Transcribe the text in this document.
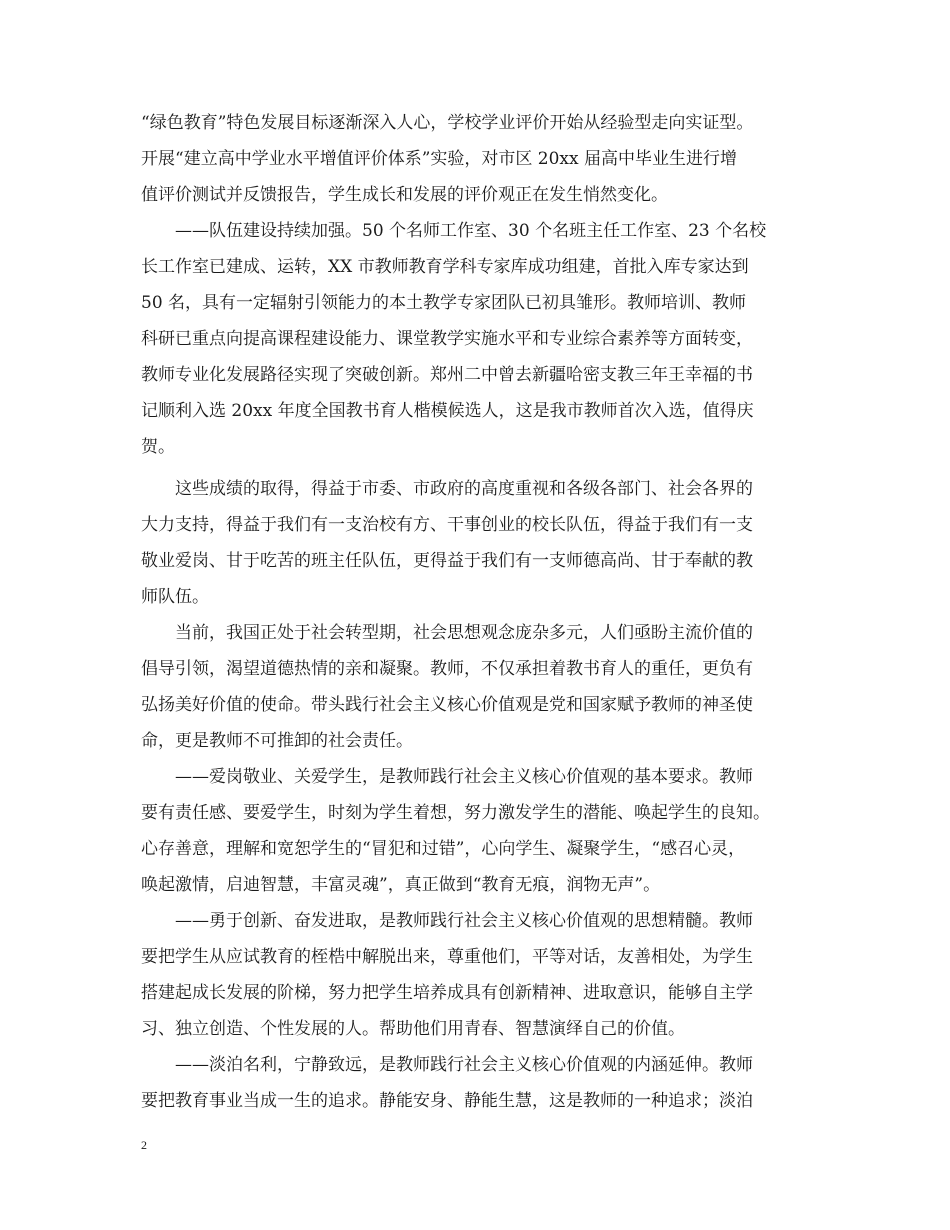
“绿色教育”特色发展目标逐渐深入人心，学校学业评价开始从经验型走向实证型。
开展“建立高中学业水平增值评价体系”实验，对市区 20xx 届高中毕业生进行增
值评价测试并反馈报告，学生成长和发展的评价观正在发生悄然变化。
——队伍建设持续加强。50 个名师工作室、30 个名班主任工作室、23 个名校
长工作室已建成、运转，XX 市教师教育学科专家库成功组建，首批入库专家达到
50 名，具有一定辐射引领能力的本土教学专家团队已初具雏形。教师培训、教师
科研已重点向提高课程建设能力、课堂教学实施水平和专业综合素养等方面转变，
教师专业化发展路径实现了突破创新。郑州二中曾去新疆哈密支教三年王幸福的书
记顺利入选 20xx 年度全国教书育人楷模候选人，这是我市教师首次入选，值得庆
贺。
这些成绩的取得，得益于市委、市政府的高度重视和各级各部门、社会各界的
大力支持，得益于我们有一支治校有方、干事创业的校长队伍，得益于我们有一支
敬业爱岗、甘于吃苦的班主任队伍，更得益于我们有一支师德高尚、甘于奉献的教
师队伍。
当前，我国正处于社会转型期，社会思想观念庞杂多元，人们亟盼主流价值的
倡导引领，渴望道德热情的亲和凝聚。教师，不仅承担着教书育人的重任，更负有
弘扬美好价值的使命。带头践行社会主义核心价值观是党和国家赋予教师的神圣使
命，更是教师不可推卸的社会责任。
——爱岗敬业、关爱学生，是教师践行社会主义核心价值观的基本要求。教师
要有责任感、要爱学生，时刻为学生着想，努力激发学生的潜能、唤起学生的良知。
心存善意，理解和宽恕学生的“冒犯和过错”，心向学生、凝聚学生，“感召心灵，
唤起激情，启迪智慧，丰富灵魂”，真正做到“教育无痕，润物无声”。
——勇于创新、奋发进取，是教师践行社会主义核心价值观的思想精髓。教师
要把学生从应试教育的桎梏中解脱出来，尊重他们，平等对话，友善相处，为学生
搭建起成长发展的阶梯，努力把学生培养成具有创新精神、进取意识，能够自主学
习、独立创造、个性发展的人。帮助他们用青春、智慧演绎自己的价值。
——淡泊名利，宁静致远，是教师践行社会主义核心价值观的内涵延伸。教师
要把教育事业当成一生的追求。静能安身、静能生慧，这是教师的一种追求；淡泊
2
